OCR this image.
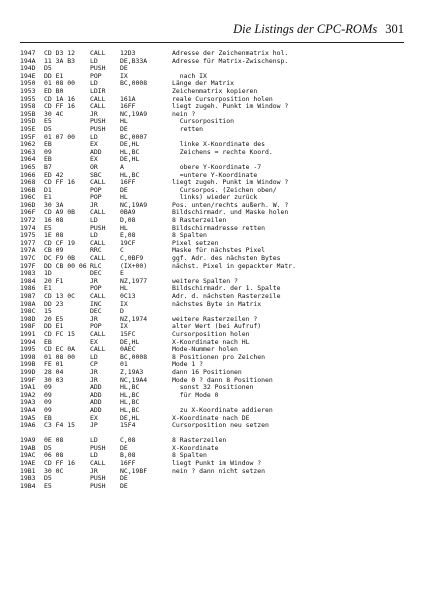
Die Listings der CPC-ROMs 301
1947	CD D3 12	CALL	12D3	Adresse der Zeichenmatrix hol.
194A	11 3A B3	LD	DE,B33A	Adresse für Matrix-Zwischensp.
194D	D5	PUSH	DE
194E	DD E1	POP	IX	nach IX
1950	01 08 00	LD	BC,0008	Länge der Matrix
1953	ED B0	LDIR	Zeichenmatrix kopieren
1955	CD 1A 16	CALL	161A	reale Cursorposition holen
1958	CD FF 16	CALL	16FF	liegt zugeh. Punkt im Window ?
195B	30 4C	JR	NC,19A9	nein ?
195D	E5	PUSH	HL	Cursorposition
195E	D5	PUSH	DE	retten
195F	01 07 00	LD	BC,0007
1962	EB	EX	DE,HL	linke X-Koordinate des
1963	09	ADD	HL,BC	Zeichens = rechte Koord.
1964	EB	EX	DE,HL
1965	B7	OR	A	obere Y-Koordinate -7
1966	ED 42	SBC	HL,BC	=untere Y-Koordinate
1968	CD FF 16	CALL	16FF	liegt zugeh. Punkt im Window ?
196B	D1	POP	DE	Cursorpos. (Zeichen oben/
196C	E1	POP	HL	links) wieder zurück
196D	30 3A	JR	NC,19A9	Pos. unten/rechts außerh. W. ?
196F	CD A9 0B	CALL	0BA9	Bildschirmadr. und Maske holen
1972	16 08	LD	D,08	8 Rasterzeilen
1974	E5	PUSH	HL	Bildschirmadresse retten
1975	1E 08	LD	E,08	8 Spalten
1977	CD CF 19	CALL	19CF	Pixel setzen
197A	CB 09	RRC	C	Maske für nächstes Pixel
197C	DC F9 0B	CALL	C,0BF9	ggf. Adr. des nächsten Bytes
197F	DD CB 00 06 RLC	(IX+00)	nächst. Pixel in gepackter Matr.
1983	1D	DEC	E
1984	20 F1	JR	NZ,1977	weitere Spalten ?
1986	E1	POP	HL	Bildschirmadr. der 1. Spalte
1987	CD 13 0C	CALL	0C13	Adr. d. nächsten Rasterzeile
198A	DD 23	INC	IX	nächstes Byte in Matrix
198C	15	DEC	D
198D	20 E5	JR	NZ,1974	weitere Rasterzeilen ?
198F	DD E1	POP	IX	alter Wert (bei Aufruf)
1991	CD FC 15	CALL	15FC	Cursorposition holen
1994	EB	EX	DE,HL	X-Koordinate nach HL
1995	CD EC 0A	CALL	0AEC	Mode-Nummer holen
1998	01 08 00	LD	BC,0008	8 Positionen pro Zeichen
199B	FE 01	CP	01	Mode 1 ?
199D	28 04	JR	Z,19A3	dann 16 Positionen
199F	30 03	JR	NC,19A4	Mode 0 ? dann 8 Positionen
19A1	09	ADD	HL,BC	sonst 32 Positionen
19A2	09	ADD	HL,BC	für Mode 0
19A3	09	ADD	HL,BC
19A4	09	ADD	HL,BC	zu X-Koordinate addieren
19A5	EB	EX	DE,HL	X-Koordinate nach DE
19A6	C3 F4 15	JP	15F4	Cursorposition neu setzen
19A9	0E 08	LD	C,08	8 Rasterzeilen
19AB	D5	PUSH	DE	X-Koordinate
19AC	06 08	LD	B,08	8 Spalten
19AE	CD FF 16	CALL	16FF	liegt Punkt im Window ?
19B1	30 0C	JR	NC,19BF	nein ? dann nicht setzen
19B3	D5	PUSH	DE
19B4	E5	PUSH	DE
